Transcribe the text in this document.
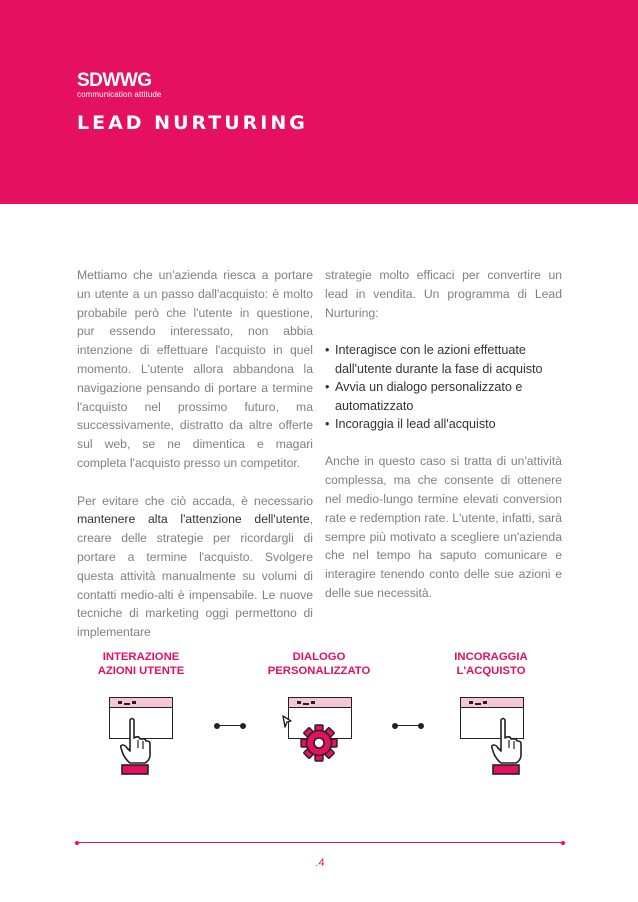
SDWWG
communication attitude
LEAD NURTURING

Mettiamo che un'azienda riesca a portare un utente a un passo dall'acquisto: è molto probabile però che l'utente in questione, pur essendo interessato, non abbia intenzione di effettuare l'acquisto in quel momento. L'utente allora abbandona la navigazione pensando di portare a termine l'acquisto nel prossimo futuro, ma successivamente, distratto da altre offerte sul web, se ne dimentica e magari completa l'acquisto presso un competitor.

Per evitare che ciò accada, è necessario mantenere alta l'attenzione dell'utente, creare delle strategie per ricordargli di portare a termine l'acquisto. Svolgere questa attività manualmente su volumi di contatti medio-alti è impensabile. Le nuove tecniche di marketing oggi permettono di implementare

strategie molto efficaci per convertire un lead in vendita. Un programma di Lead Nurturing:

• Interagisce con le azioni effettuate dall'utente durante la fase di acquisto
• Avvia un dialogo personalizzato e automatizzato
• Incoraggia il lead all'acquisto

Anche in questo caso si tratta di un'attività complessa, ma che consente di ottenere nel medio-lungo termine elevati conversion rate e redemption rate. L'utente, infatti, sarà sempre più motivato a scegliere un'azienda che nel tempo ha saputo comunicare e interagire tenendo conto delle sue azioni e delle sue necessità.

INTERAZIONE
AZIONI UTENTE
DIALOGO
PERSONALIZZATO
INCORAGGIA
L'ACQUISTO
.4
